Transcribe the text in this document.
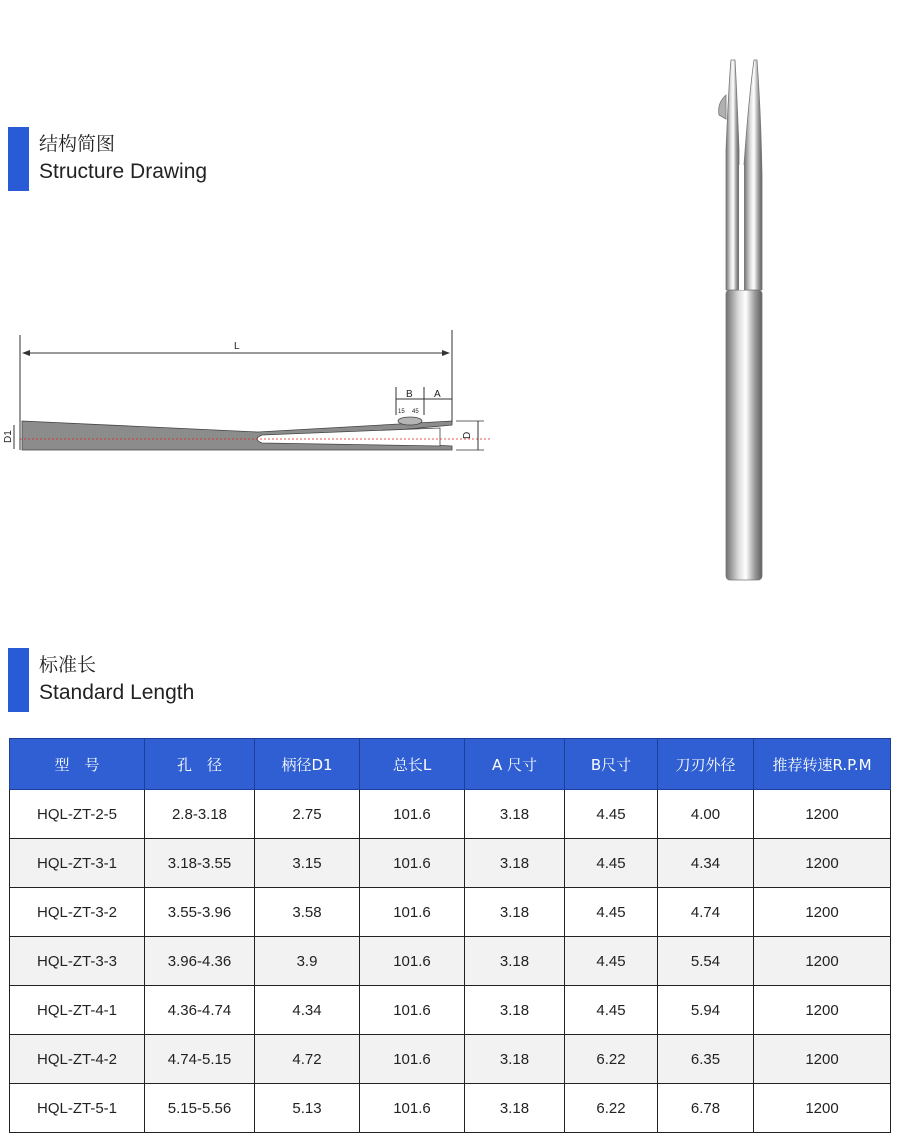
结构简图
Structure Drawing
L
B A
15 45
D
D1
标准长
Standard Length
型　号	孔　径	柄径D1	总长L	A 尺寸	B尺寸	刀刃外径	推荐转速R.P.M
HQL-ZT-2-5	2.8-3.18	2.75	101.6	3.18	4.45	4.00	1200
HQL-ZT-3-1	3.18-3.55	3.15	101.6	3.18	4.45	4.34	1200
HQL-ZT-3-2	3.55-3.96	3.58	101.6	3.18	4.45	4.74	1200
HQL-ZT-3-3	3.96-4.36	3.9	101.6	3.18	4.45	5.54	1200
HQL-ZT-4-1	4.36-4.74	4.34	101.6	3.18	4.45	5.94	1200
HQL-ZT-4-2	4.74-5.15	4.72	101.6	3.18	6.22	6.35	1200
HQL-ZT-5-1	5.15-5.56	5.13	101.6	3.18	6.22	6.78	1200
